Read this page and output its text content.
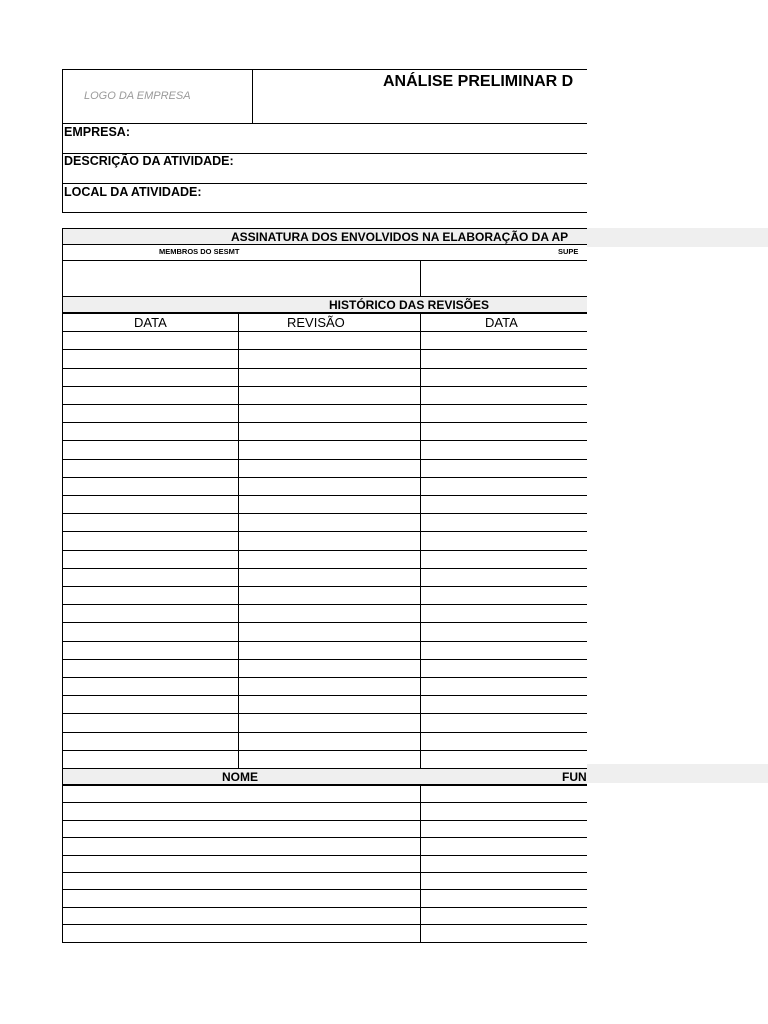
LOGO DA EMPRESA
ANÁLISE PRELIMINAR D
EMPRESA:
DESCRIÇÃO DA ATIVIDADE:
LOCAL DA ATIVIDADE:
ASSINATURA DOS ENVOLVIDOS NA ELABORAÇÃO DA AP
MEMBROS DO SESMT	SUPE
HISTÓRICO DAS REVISÕES
DATA	REVISÃO	DATA
NOME	FUN
